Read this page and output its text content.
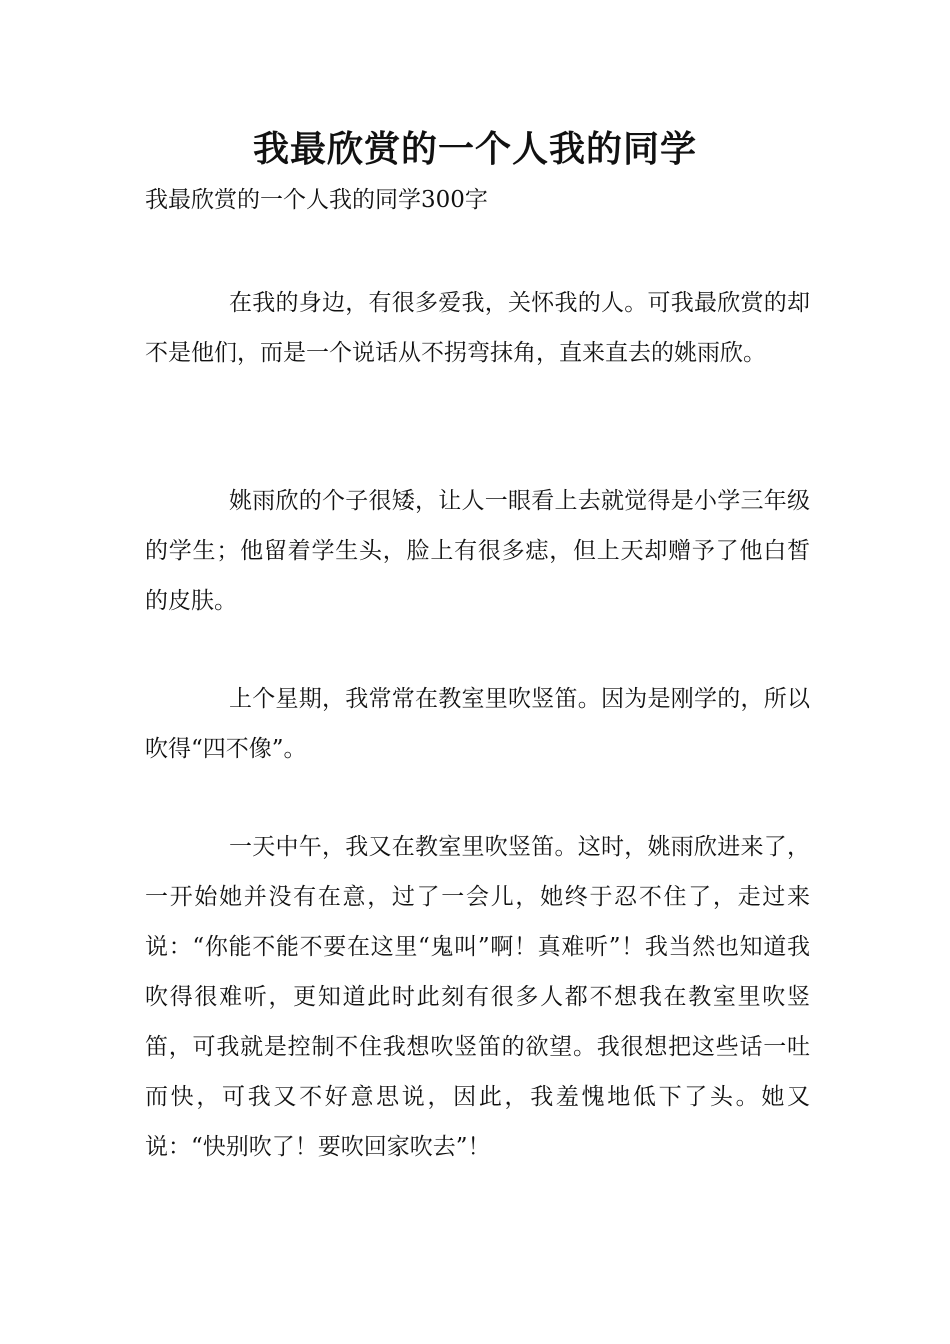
我最欣赏的一个人我的同学

我最欣赏的一个人我的同学300字

在我的身边，有很多爱我，关怀我的人。可我最欣赏的却不是他们，而是一个说话从不拐弯抹角，直来直去的姚雨欣。

姚雨欣的个子很矮，让人一眼看上去就觉得是小学三年级的学生；他留着学生头，脸上有很多痣，但上天却赠予了他白皙的皮肤。

上个星期，我常常在教室里吹竖笛。因为是刚学的，所以吹得“四不像”。

一天中午，我又在教室里吹竖笛。这时，姚雨欣进来了，一开始她并没有在意，过了一会儿，她终于忍不住了，走过来说：“你能不能不要在这里“鬼叫”啊！真难听”！我当然也知道我吹得很难听，更知道此时此刻有很多人都不想我在教室里吹竖笛，可我就是控制不住我想吹竖笛的欲望。我很想把这些话一吐而快，可我又不好意思说，因此，我羞愧地低下了头。她又说：“快别吹了！要吹回家吹去”！
